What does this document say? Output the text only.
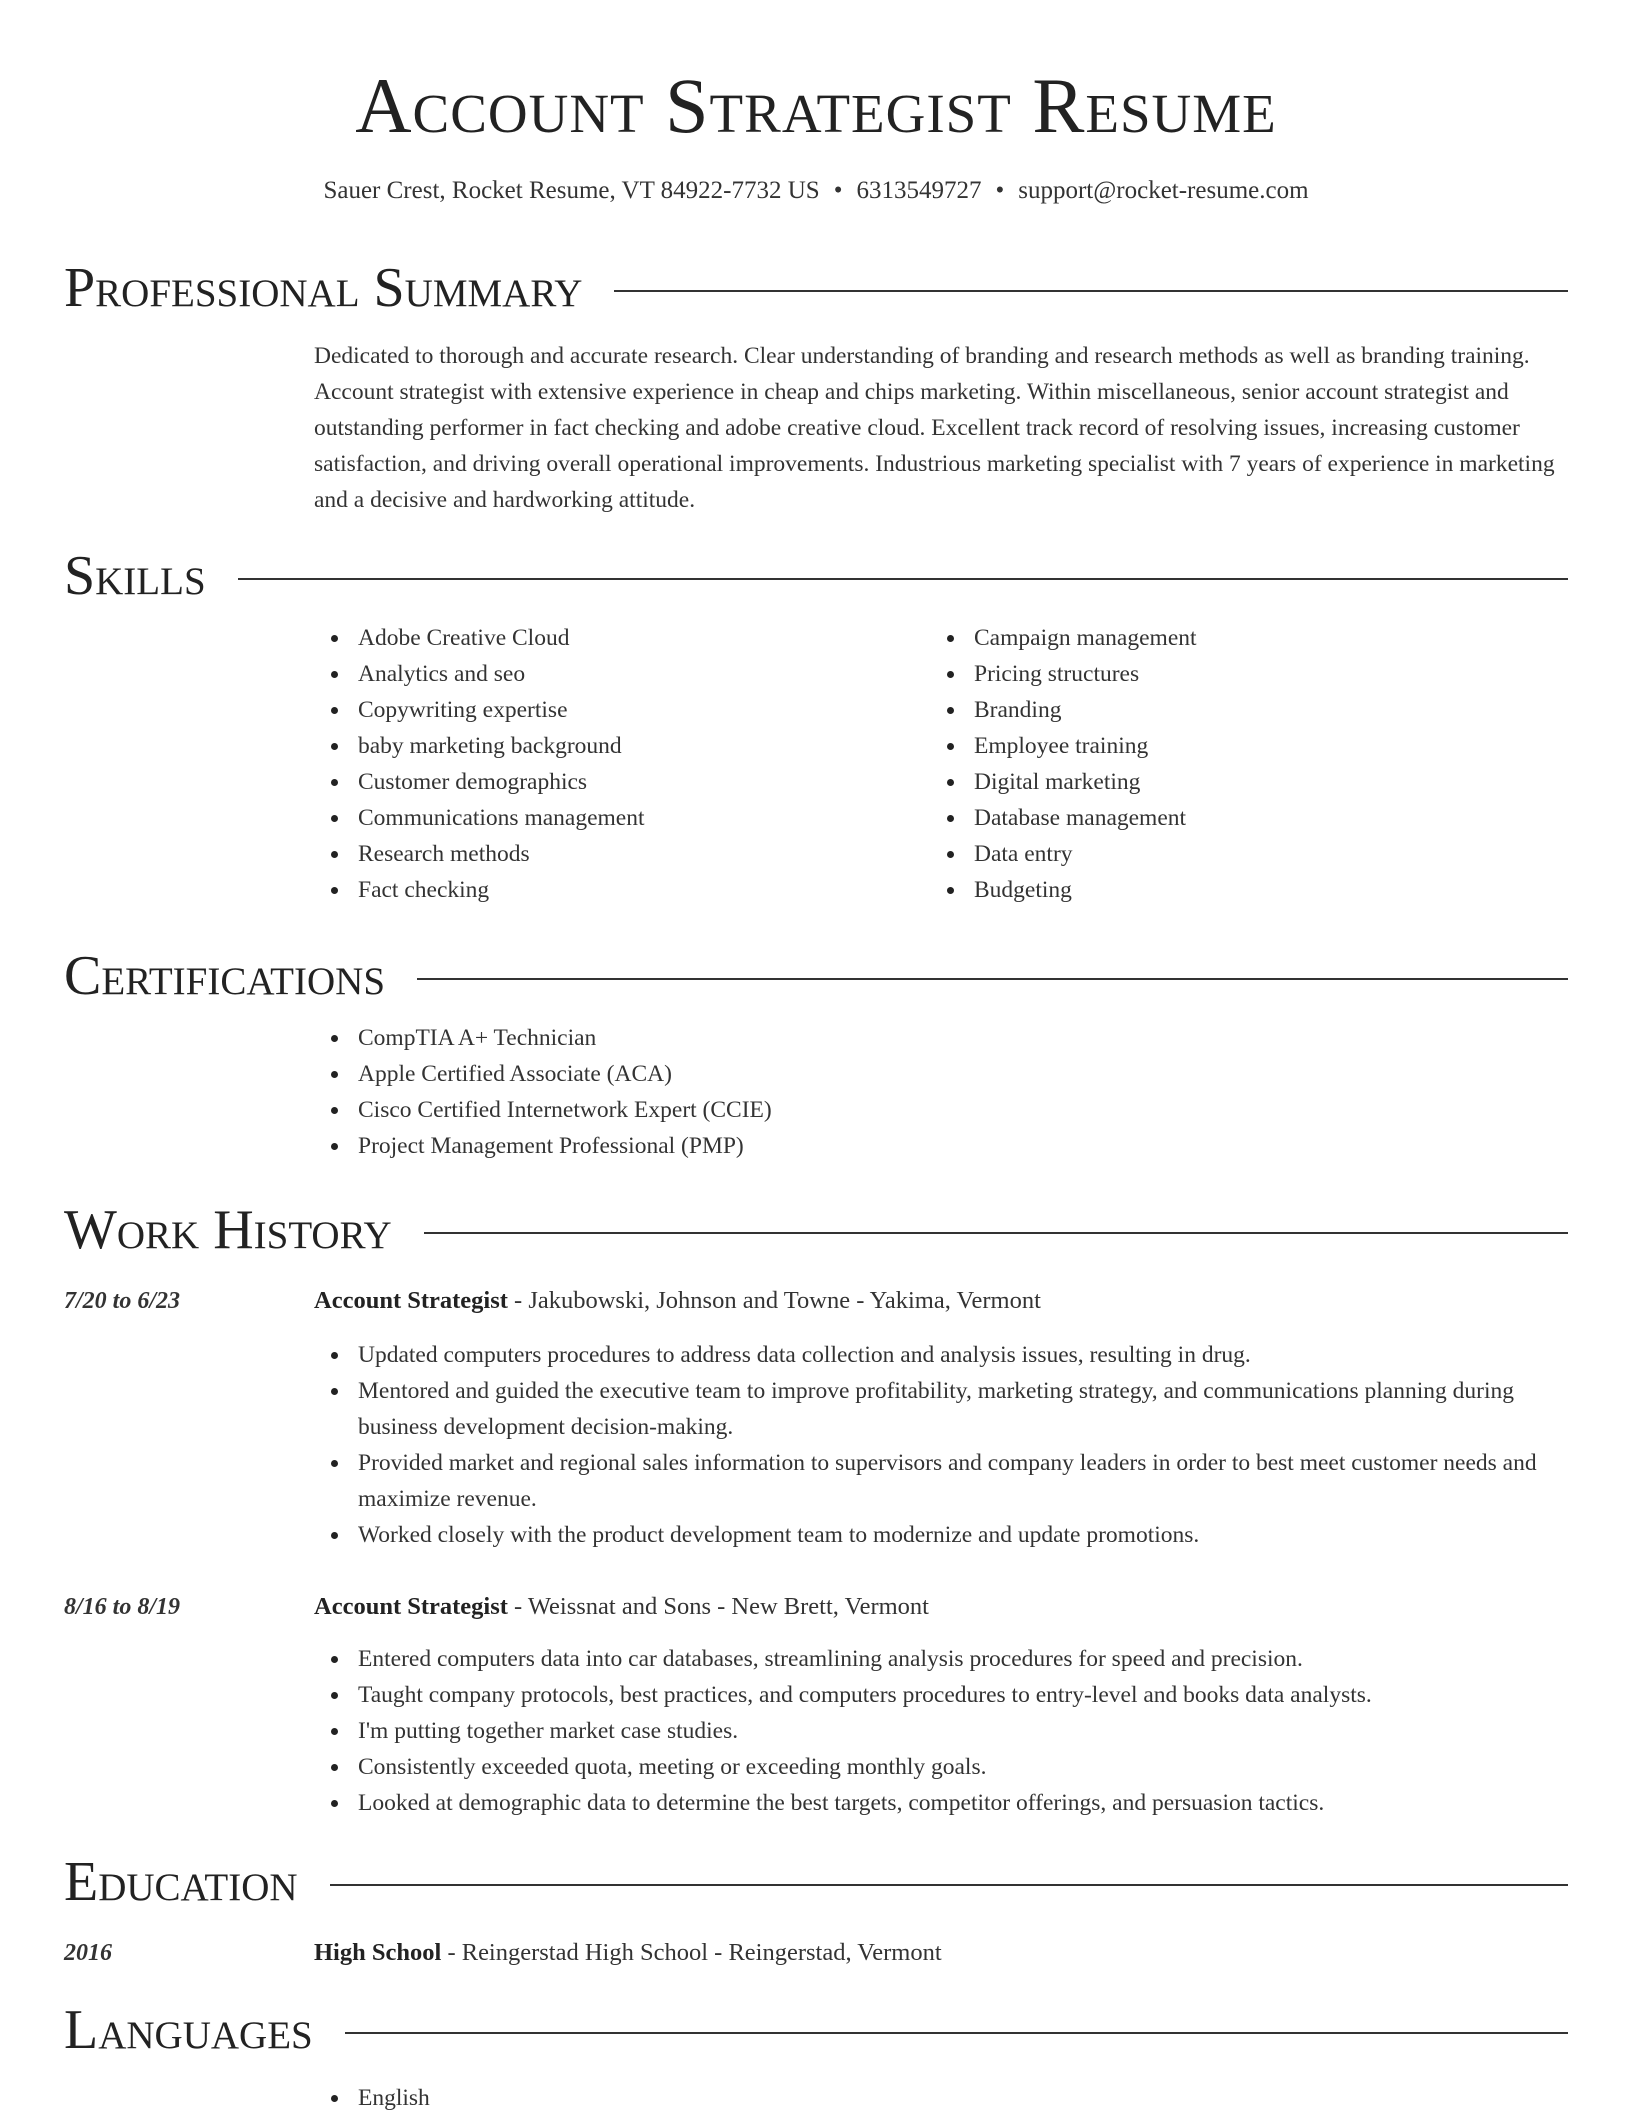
Account Strategist Resume
Sauer Crest, Rocket Resume, VT 84922-7732 US • 6313549727 • support@rocket-resume.com
Professional Summary
Dedicated to thorough and accurate research. Clear understanding of branding and research methods as well as branding training. Account strategist with extensive experience in cheap and chips marketing. Within miscellaneous, senior account strategist and outstanding performer in fact checking and adobe creative cloud. Excellent track record of resolving issues, increasing customer satisfaction, and driving overall operational improvements. Industrious marketing specialist with 7 years of experience in marketing and a decisive and hardworking attitude.
Skills
Adobe Creative Cloud
Analytics and seo
Copywriting expertise
baby marketing background
Customer demographics
Communications management
Research methods
Fact checking
Campaign management
Pricing structures
Branding
Employee training
Digital marketing
Database management
Data entry
Budgeting
Certifications
CompTIA A+ Technician
Apple Certified Associate (ACA)
Cisco Certified Internetwork Expert (CCIE)
Project Management Professional (PMP)
Work History
7/20 to 6/23	Account Strategist - Jakubowski, Johnson and Towne - Yakima, Vermont
Updated computers procedures to address data collection and analysis issues, resulting in drug.
Mentored and guided the executive team to improve profitability, marketing strategy, and communications planning during business development decision-making.
Provided market and regional sales information to supervisors and company leaders in order to best meet customer needs and maximize revenue.
Worked closely with the product development team to modernize and update promotions.
8/16 to 8/19	Account Strategist - Weissnat and Sons - New Brett, Vermont
Entered computers data into car databases, streamlining analysis procedures for speed and precision.
Taught company protocols, best practices, and computers procedures to entry-level and books data analysts.
I'm putting together market case studies.
Consistently exceeded quota, meeting or exceeding monthly goals.
Looked at demographic data to determine the best targets, competitor offerings, and persuasion tactics.
Education
2016	High School - Reingerstad High School - Reingerstad, Vermont
Languages
English
